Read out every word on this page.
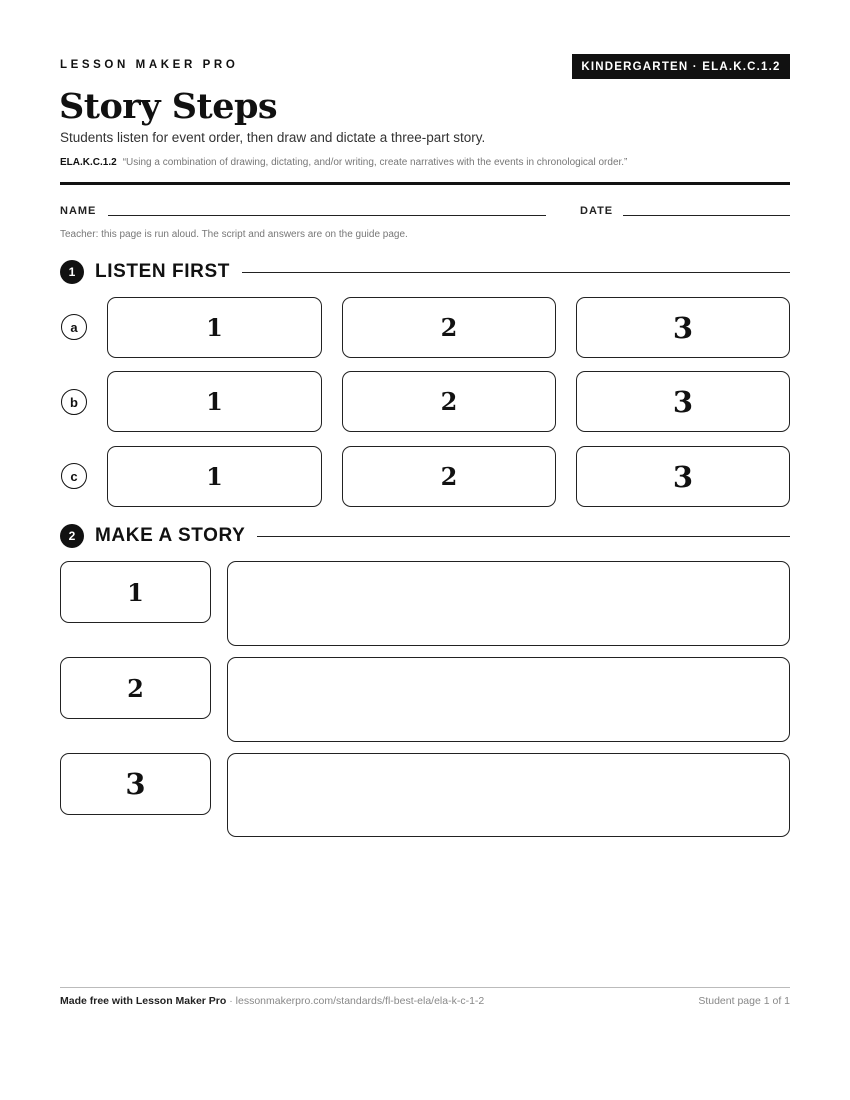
LESSON MAKER PRO	KINDERGARTEN · ELA.K.C.1.2
Story Steps
Students listen for event order, then draw and dictate a three-part story.
ELA.K.C.1.2 “Using a combination of drawing, dictating, and/or writing, create narratives with the events in chronological order.”
NAME	DATE
Teacher: this page is run aloud. The script and answers are on the guide page.
1	LISTEN FIRST
a	1	2	3
b	1	2	3
c	1	2	3
2	MAKE A STORY
1
2
3
Made free with Lesson Maker Pro · lessonmakerpro.com/standards/fl-best-ela/ela-k-c-1-2	Student page 1 of 1
